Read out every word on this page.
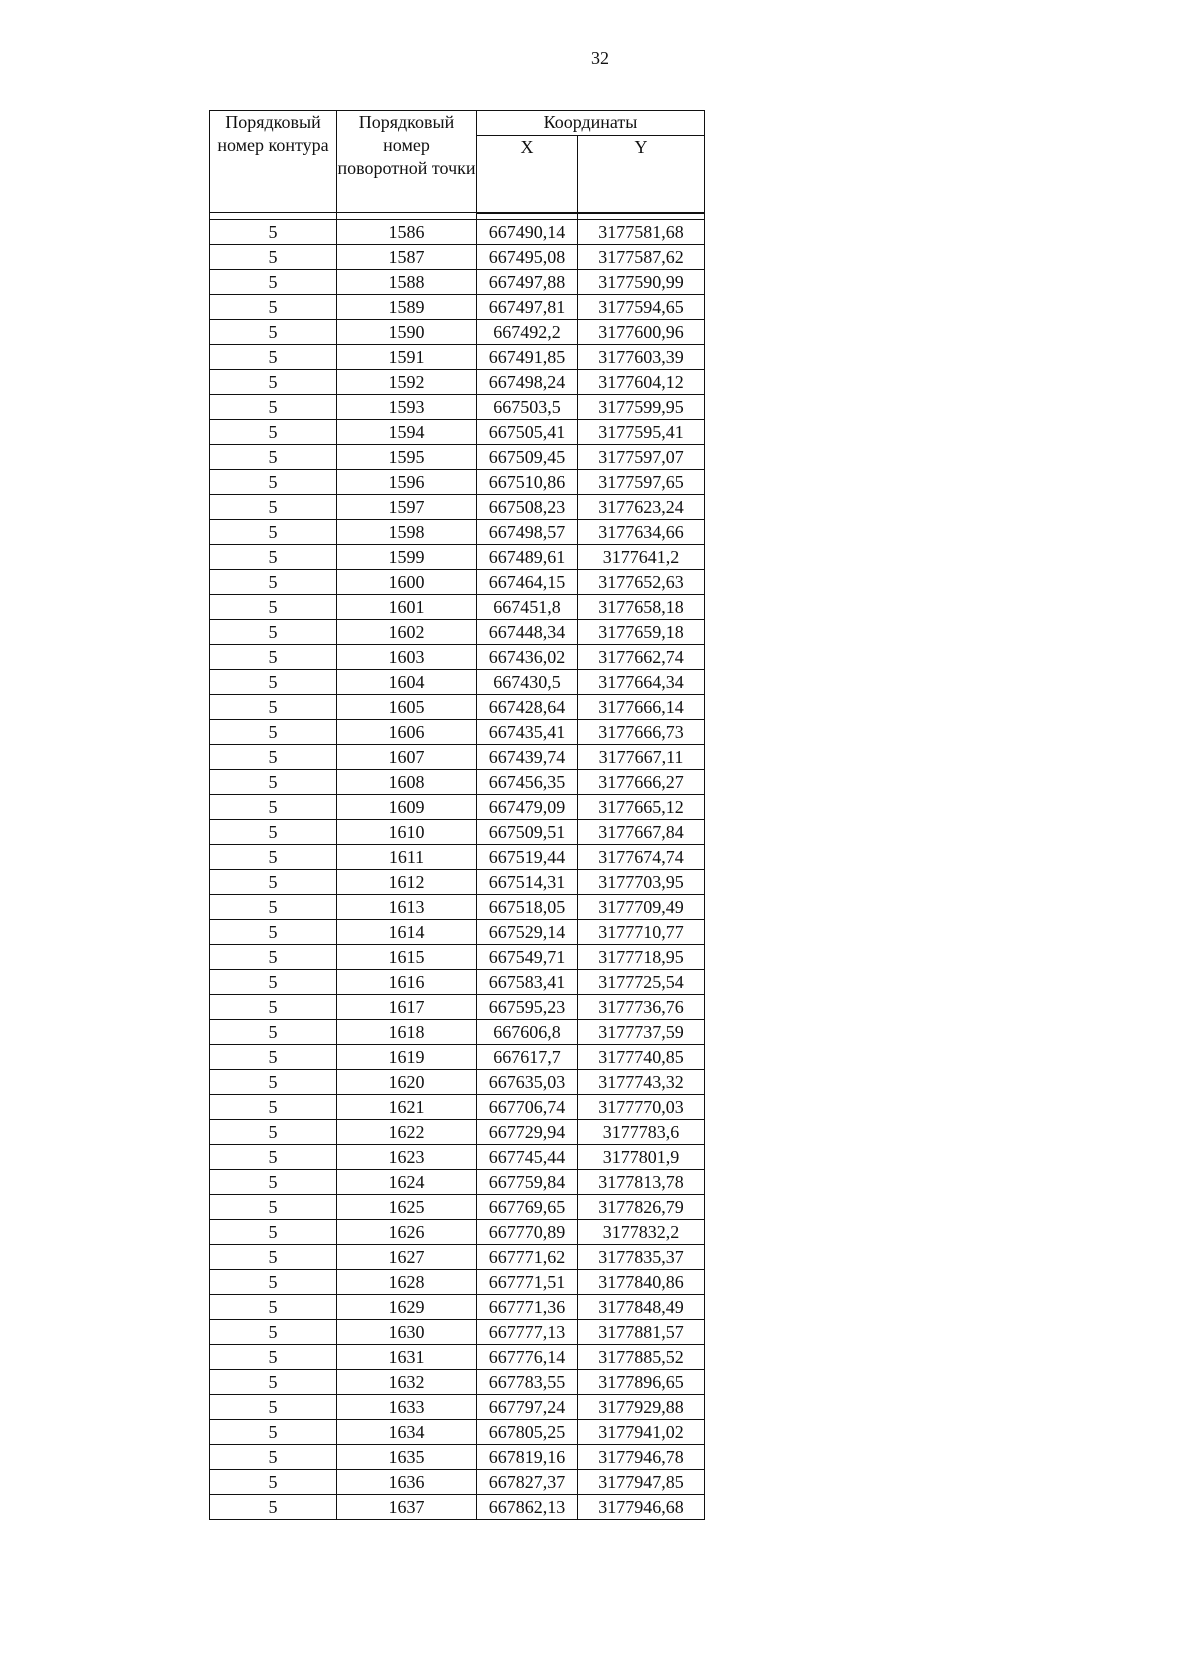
32
Порядковый номер контура	Порядковый номер поворотной точки	Координаты	
		X	Y

5	1586	667490,14	3177581,68
5	1587	667495,08	3177587,62
5	1588	667497,88	3177590,99
5	1589	667497,81	3177594,65
5	1590	667492,2	3177600,96
5	1591	667491,85	3177603,39
5	1592	667498,24	3177604,12
5	1593	667503,5	3177599,95
5	1594	667505,41	3177595,41
5	1595	667509,45	3177597,07
5	1596	667510,86	3177597,65
5	1597	667508,23	3177623,24
5	1598	667498,57	3177634,66
5	1599	667489,61	3177641,2
5	1600	667464,15	3177652,63
5	1601	667451,8	3177658,18
5	1602	667448,34	3177659,18
5	1603	667436,02	3177662,74
5	1604	667430,5	3177664,34
5	1605	667428,64	3177666,14
5	1606	667435,41	3177666,73
5	1607	667439,74	3177667,11
5	1608	667456,35	3177666,27
5	1609	667479,09	3177665,12
5	1610	667509,51	3177667,84
5	1611	667519,44	3177674,74
5	1612	667514,31	3177703,95
5	1613	667518,05	3177709,49
5	1614	667529,14	3177710,77
5	1615	667549,71	3177718,95
5	1616	667583,41	3177725,54
5	1617	667595,23	3177736,76
5	1618	667606,8	3177737,59
5	1619	667617,7	3177740,85
5	1620	667635,03	3177743,32
5	1621	667706,74	3177770,03
5	1622	667729,94	3177783,6
5	1623	667745,44	3177801,9
5	1624	667759,84	3177813,78
5	1625	667769,65	3177826,79
5	1626	667770,89	3177832,2
5	1627	667771,62	3177835,37
5	1628	667771,51	3177840,86
5	1629	667771,36	3177848,49
5	1630	667777,13	3177881,57
5	1631	667776,14	3177885,52
5	1632	667783,55	3177896,65
5	1633	667797,24	3177929,88
5	1634	667805,25	3177941,02
5	1635	667819,16	3177946,78
5	1636	667827,37	3177947,85
5	1637	667862,13	3177946,68
